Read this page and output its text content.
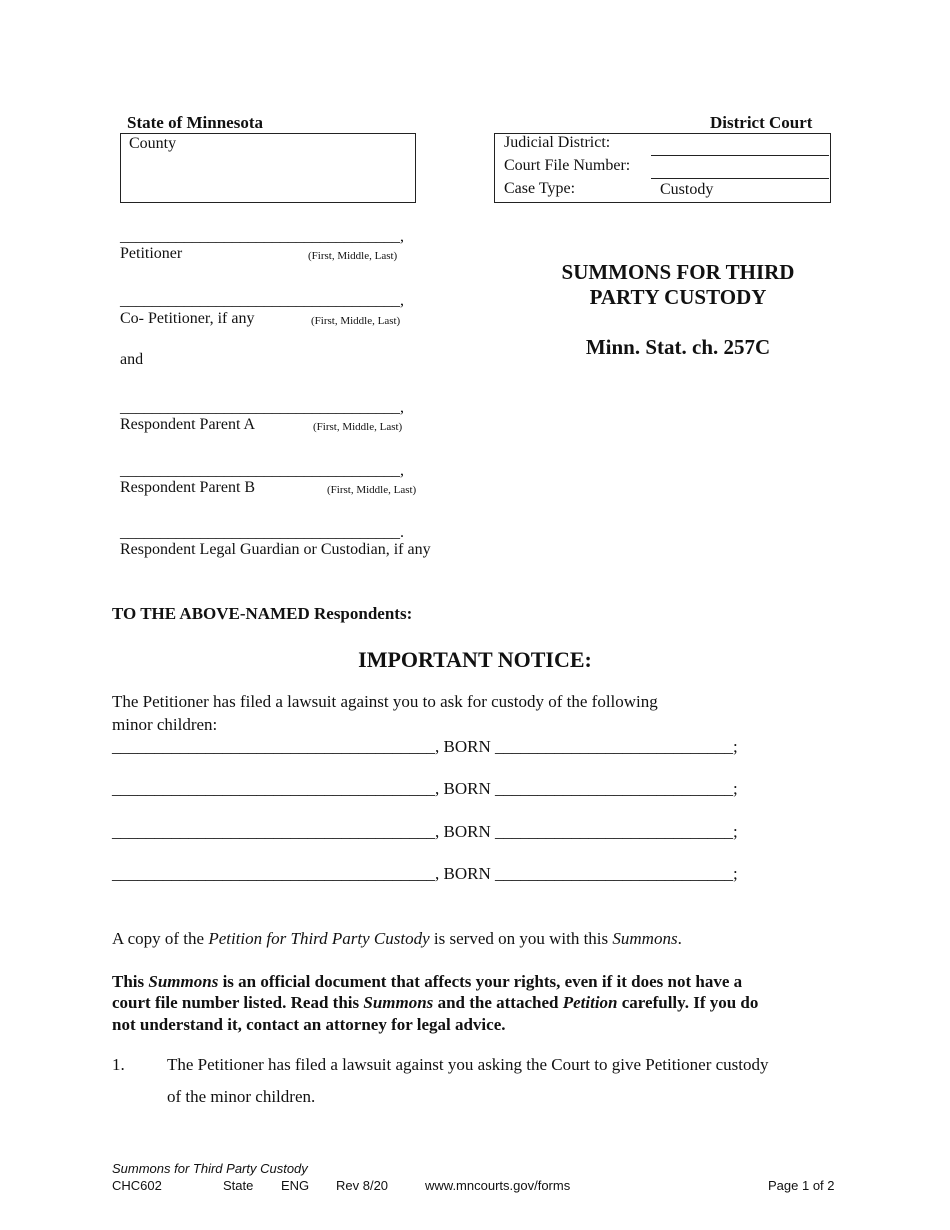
State of Minnesota	District Court
County	Judicial District:
Court File Number:
Case Type:	Custody
___________________________________,
Petitioner	(First, Middle, Last)
___________________________________,
Co- Petitioner, if any	(First, Middle, Last)
and
___________________________________,
Respondent Parent A	(First, Middle, Last)
___________________________________,
Respondent Parent B	(First, Middle, Last)
___________________________________.
Respondent Legal Guardian or Custodian, if any
SUMMONS FOR THIRD
PARTY CUSTODY
Minn. Stat. ch. 257C
TO THE ABOVE-NAMED Respondents:
IMPORTANT NOTICE:
The Petitioner has filed a lawsuit against you to ask for custody of the following
minor children:
______________________________________, BORN ____________________________;
______________________________________, BORN ____________________________;
______________________________________, BORN ____________________________;
______________________________________, BORN ____________________________;
A copy of the Petition for Third Party Custody is served on you with this Summons.
This Summons is an official document that affects your rights, even if it does not have a
court file number listed. Read this Summons and the attached Petition carefully. If you do
not understand it, contact an attorney for legal advice.
1. The Petitioner has filed a lawsuit against you asking the Court to give Petitioner custody
of the minor children.
Summons for Third Party Custody
CHC602	State ENG Rev 8/20	www.mncourts.gov/forms	Page 1 of 2
